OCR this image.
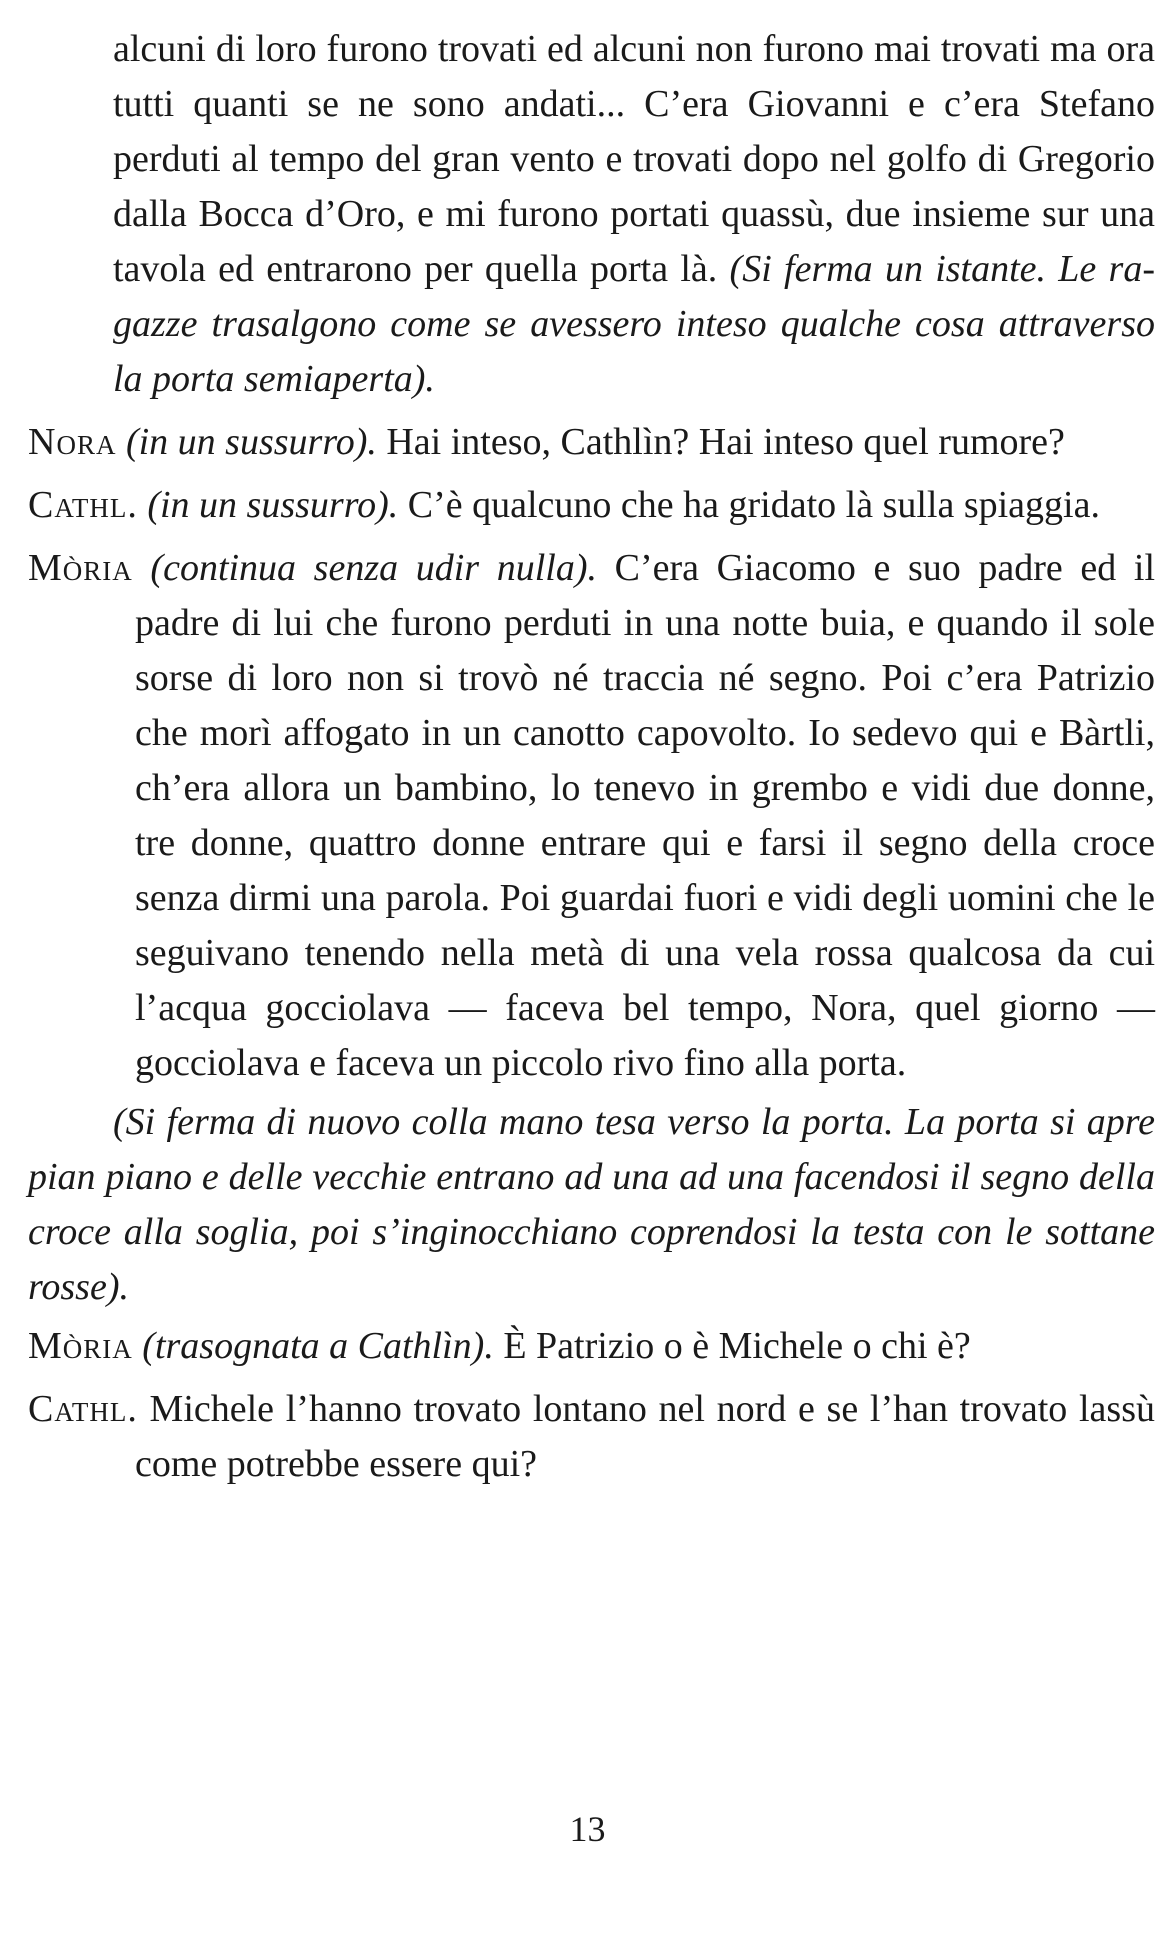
alcuni di loro furono trovati ed alcuni non furono mai trovati ma ora tutti quanti se ne sono andati... C’era Giovanni e c’era Stefano perduti al tempo del gran vento e trovati dopo nel golfo di Gregorio dalla Bocca d’Oro, e mi furono portati quassù, due insieme sur una tavola ed entrarono per quella porta là. (Si ferma un istante. Le ragazze trasalgono come se avessero inteso qualche cosa attraverso la porta semiaperta).

Nora (in un sussurro). Hai inteso, Cathlìn? Hai inteso quel rumore?

Cathl. (in un sussurro). C’è qualcuno che ha gridato là sulla spiaggia.

Mòria (continua senza udir nulla). C’era Giacomo e suo padre ed il padre di lui che furono perduti in una notte buia, e quando il sole sorse di loro non si trovò né traccia né segno. Poi c’era Patrizio che morì affogato in un canotto capovolto. Io sedevo qui e Bàrtli, ch’era allora un bambino, lo tenevo in grembo e vidi due donne, tre donne, quattro donne entrare qui e farsi il segno della croce senza dirmi una parola. Poi guardai fuori e vidi degli uomini che le seguivano tenendo nella metà di una vela rossa qualcosa da cui l’acqua gocciolava — faceva bel tempo, Nora, quel giorno — gocciolava e faceva un piccolo rivo fino alla porta.

(Si ferma di nuovo colla mano tesa verso la porta. La porta si apre pian piano e delle vecchie entrano ad una ad una facendosi il segno della croce alla soglia, poi s’inginocchiano coprendosi la testa con le sottane rosse).

Mòria (trasognata a Cathlìn). È Patrizio o è Michele o chi è?

Cathl. Michele l’hanno trovato lontano nel nord e se l’han trovato lassù come potrebbe essere qui?

13
